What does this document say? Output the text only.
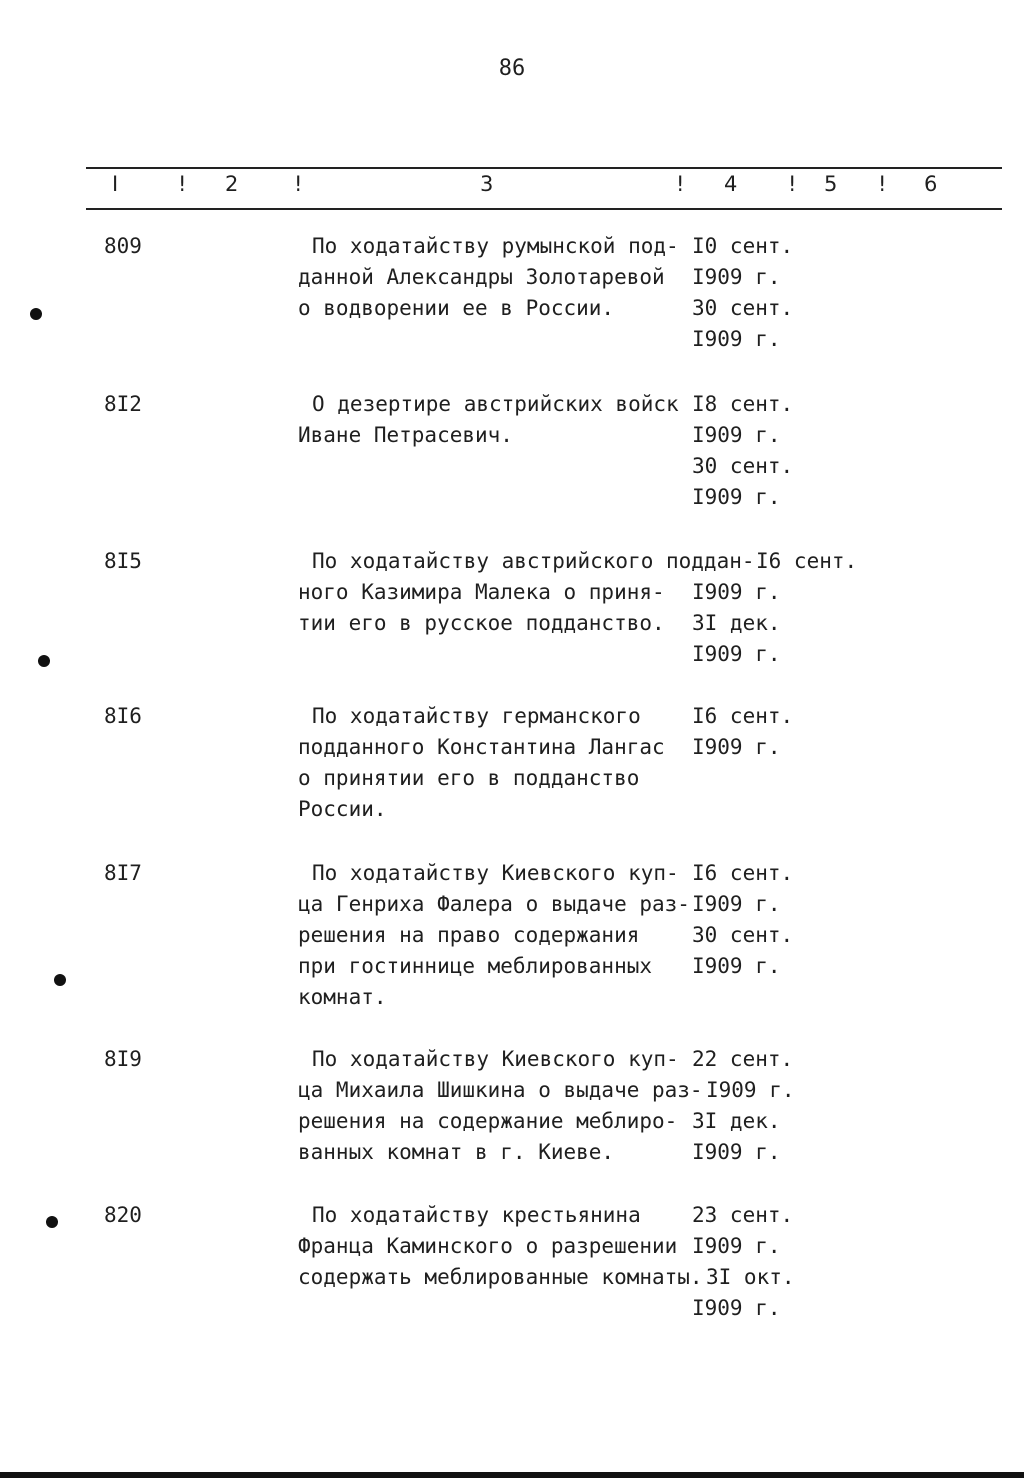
86
I	! 2	!	3	! 4 ! 5 ! 6
809	По ходатайству румынской под-
данной Александры Золотаревой
о водворении ее в России.
I0 сент.
I909 г.
30 сент.
I909 г.
8I2	О дезертире австрийских войск
Иване Петрасевич.
I8 сент.
I909 г.
30 сент.
I909 г.
8I5	По ходатайству австрийского поддан-
ного Казимира Малека о приня-
тии его в русское подданство.
I6 сент.
I909 г.
3I дек.
I909 г.
8I6	По ходатайству германского
подданного Константина Лангас
о принятии его в подданство
России.
I6 сент.
I909 г.
8I7	По ходатайству Киевского куп-
ца Генриха Фалера о выдаче раз-
решения на право содержания
при гостиннице меблированных
комнат.
I6 сент.
I909 г.
30 сент.
I909 г.
8I9	По ходатайству Киевского куп-
ца Михаила Шишкина о выдаче раз-
решения на содержание меблиро-
ванных комнат в г. Киеве.
22 сент.
I909 г.
3I дек.
I909 г.
820	По ходатайству крестьянина
Франца Каминского о разрешении
содержать меблированные комнаты.
23 сент.
I909 г.
3I окт.
I909 г.
